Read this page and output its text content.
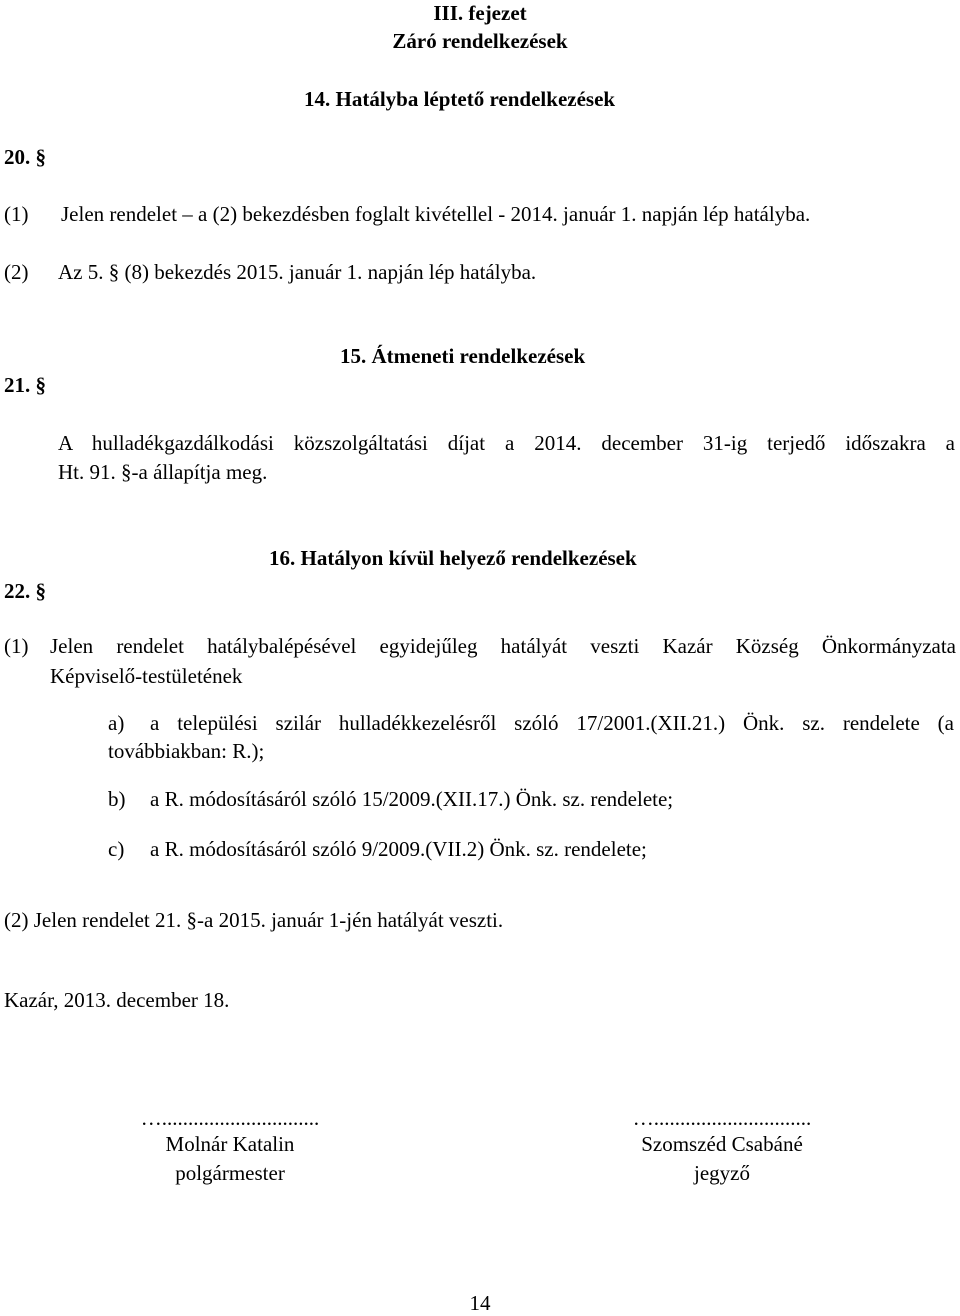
III. fejezet
Záró rendelkezések
14. Hatályba léptető rendelkezések
20. §
(1) Jelen rendelet – a (2) bekezdésben foglalt kivétellel - 2014. január 1. napján lép hatályba.
(2) Az 5. § (8) bekezdés 2015. január 1. napján lép hatályba.
15. Átmeneti rendelkezések
21. §
A hulladékgazdálkodási közszolgáltatási díjat a 2014. december 31-ig terjedő időszakra a
Ht. 91. §-a állapítja meg.
16. Hatályon kívül helyező rendelkezések
22. §
(1) Jelen rendelet hatálybalépésével egyidejűleg hatályát veszti Kazár Község Önkormányzata
Képviselő-testületének
a) a települési szilár hulladékkezelésről szóló 17/2001.(XII.21.) Önk. sz. rendelete (a
továbbiakban: R.);
b) a R. módosításáról szóló 15/2009.(XII.17.) Önk. sz. rendelete;
c) a R. módosításáról szóló 9/2009.(VII.2) Önk. sz. rendelete;
(2) Jelen rendelet 21. §-a 2015. január 1-jén hatályát veszti.
Kazár, 2013. december 18.
…..............................
Molnár Katalin
polgármester
…..............................
Szomszéd Csabáné
jegyző
14
